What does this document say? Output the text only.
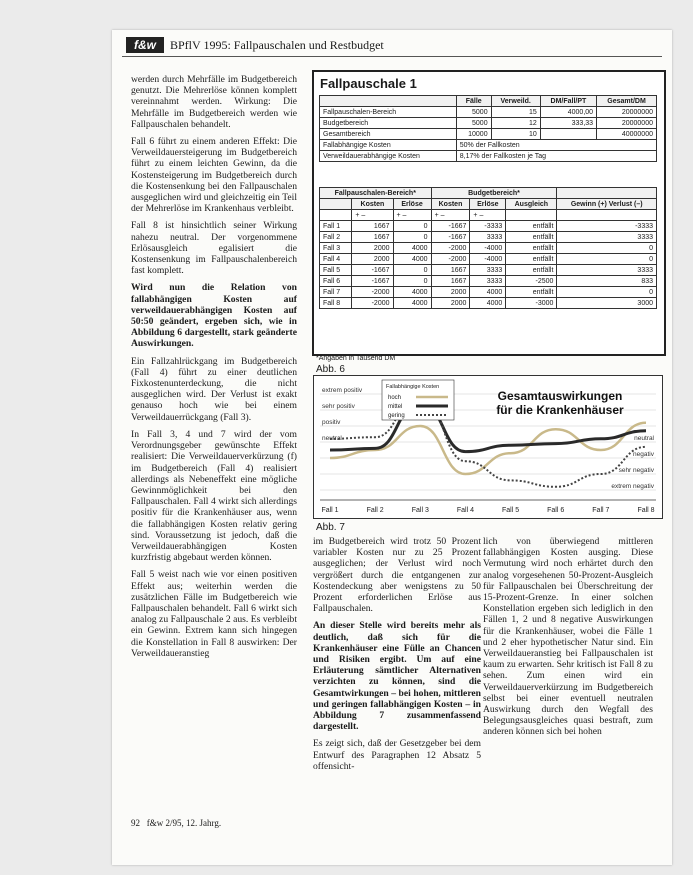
f&w	BPflV 1995: Fallpauschalen und Restbudget

werden durch Mehrfälle im Budgetbereich genutzt. Die Mehrerlöse können komplett vereinnahmt werden. Wirkung: Die Mehrfälle im Budgetbereich werden wie Fallpauschalen behandelt.

Fall 6 führt zu einem anderen Effekt: Die Verweildauersteigerung im Budgetbereich führt zu einem leichten Gewinn, da die Kostensteigerung im Budgetbereich durch die Kostensenkung bei den Fallpauschalen ausgeglichen wird und gleichzeitig ein Teil der Mehrerlöse im Krankenhaus verbleibt.

Fall 8 ist hinsichtlich seiner Wirkung nahezu neutral. Der vorgenommene Erlösausgleich egalisiert die Kostensenkung im Fallpauschalenbereich fast komplett.

Wird nun die Relation von fallabhängigen Kosten auf verweildauerabhängigen Kosten auf 50:50 geändert, ergeben sich, wie in Abbildung 6 dargestellt, stark geänderte Auswirkungen.

Ein Fallzahlrückgang im Budgetbereich (Fall 4) führt zu einer deutlichen Fixkostenunterdeckung, die nicht ausgeglichen wird. Der Verlust ist exakt genauso hoch wie bei einem Verweildauerrückgang (Fall 3).

In Fall 3, 4 und 7 wird der vom Verordnungsgeber gewünschte Effekt realisiert: Die Verweildauerverkürzung (f) im Budgetbereich (Fall 4) realisiert allerdings als Nebeneffekt eine mögliche Gewinnmöglichkeit bei den Fallpauschalen. Fall 4 wirkt sich allerdings positiv für die Krankenhäuser aus, wenn die fallabhängigen Kosten relativ gering sind. Voraussetzung ist jedoch, daß die Verweildauerabhängigen Kosten kurzfristig abgebaut werden können.

Fall 5 weist nach wie vor einen positiven Effekt aus; weiterhin werden die zusätzlichen Fälle im Budgetbereich wie Fallpauschalen behandelt. Fall 6 wirkt sich analog zu Fallpauschale 2 aus. Es verbleibt ein Gewinn. Extrem kann sich hingegen die Konstellation in Fall 8 auswirken: Der Verweildaueranstieg

Fallpauschale 1
	Fälle	Verweild.	DM/Fall/PT	Gesamt/DM
Fallpauschalen-Bereich	5000	15	4000,00	20000000
Budgetbereich	5000	12	333,33	20000000
Gesamtbereich	10000	10		40000000
Fallabhängige Kosten	50% der Fallkosten			
Verweildauerabhängige Kosten	8,17% der Fallkosten je Tag			
Fallpauschalen-Bereich*			Budgetbereich*			
	Kosten	Erlöse	Kosten	Erlöse	Ausgleich	Gewinn (+) Verlust (–)
	+ –	+ –	+ –	+ –		
Fall 1	1667	0	-1667	-3333	entfällt	-3333
Fall 2	1667	0	-1667	3333	entfällt	3333
Fall 3	2000	4000	-2000	-4000	entfällt	0
Fall 4	2000	4000	-2000	-4000	entfällt	0
Fall 5	-1667	0	1667	3333	entfällt	3333
Fall 6	-1667	0	1667	3333	-2500	833
Fall 7	-2000	4000	2000	4000	entfällt	0
Fall 8	-2000	4000	2000	4000	-3000	3000
*Angaben in Tausend DM
Abb. 6
extrem positiv
sehr positiv
positiv
neutral	neutral
negativ
sehr negativ
extrem negativ
Gesamtauswirkungen
für die Krankenhäuser
Fall 1	Fall 2	Fall 3	Fall 4	Fall 5	Fall 6	Fall 7	Fall 8
Fallabhängige Kosten
hoch
mittel
gering
Abb. 7

im Budgetbereich wird trotz 50 Prozent variabler Kosten nur zu 25 Prozent ausgeglichen; der Verlust wird noch vergrößert durch die entgangenen zur Kostendeckung aber wenigstens zu 50 Prozent erforderlichen Erlöse aus Fallpauschalen.

An dieser Stelle wird bereits mehr als deutlich, daß sich für die Krankenhäuser eine Fülle an Chancen und Risiken ergibt. Um auf eine Erläuterung sämtlicher Alternativen verzichten zu können, sind die Gesamtwirkungen – bei hohen, mittleren und geringen fallabhängigen Kosten – in Abbildung 7 zusammenfassend dargestellt.

Es zeigt sich, daß der Gesetzgeber bei dem Entwurf des Paragraphen 12 Absatz 5 offensicht-

lich von überwiegend mittleren fallabhängigen Kosten ausging. Diese Vermutung wird noch erhärtet durch den analog vorgesehenen 50-Prozent-Ausgleich für Fallpauschalen bei Überschreitung der 15-Prozent-Grenze. In einer solchen Konstellation ergeben sich lediglich in den Fällen 1, 2 und 8 negative Auswirkungen für die Krankenhäuser, wobei die Fälle 1 und 2 eher hypothetischer Natur sind. Ein Verweildaueranstieg bei Fallpauschalen ist kaum zu erwarten. Sehr kritisch ist Fall 8 zu sehen. Zum einen wird ein Verweildauerverkürzung im Budgetbereich selbst bei einer eventuell neutralen Auswirkung durch den Wegfall des Belegungsausgleiches quasi bestraft, zum anderen können sich bei hohen

92 f&w 2/95, 12. Jahrg.
